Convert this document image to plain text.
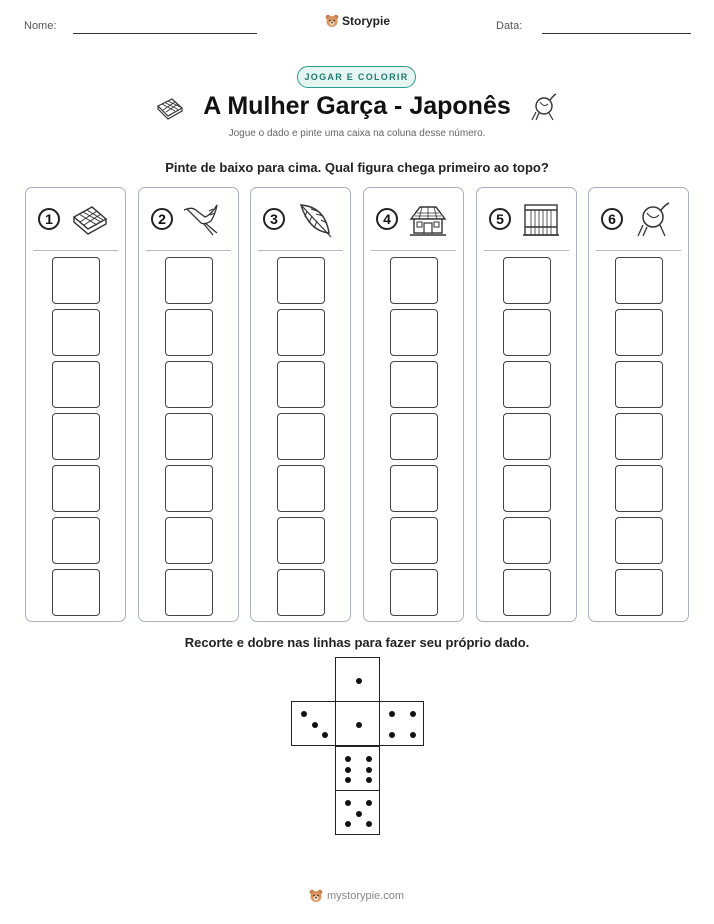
Nome:	Storypie	Data:
JOGAR E COLORIR
A Mulher Garça - Japonês
Jogue o dado e pinte uma caixa na coluna desse número.
Pinte de baixo para cima. Qual figura chega primeiro ao topo?
1	2	3	4	5	6
Recorte e dobre nas linhas para fazer seu próprio dado.
mystorypie.com
